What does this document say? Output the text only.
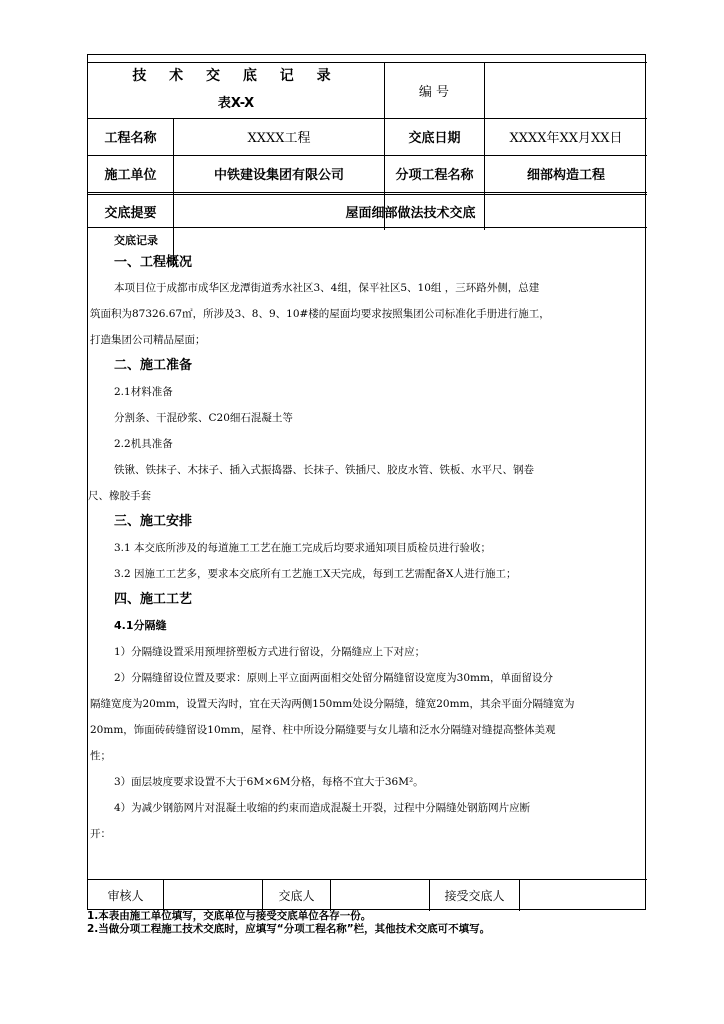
技 术 交 底 记 录
表X-X
编 号
工程名称	XXXX工程	交底日期	XXXX年XX月XX日
施工单位	中铁建设集团有限公司	分项工程名称	细部构造工程
交底提要	屋面细部做法技术交底
交底记录
一、工程概况
本项目位于成都市成华区龙潭街道秀水社区3、4组，保平社区5、10组 ，三环路外侧，总建
筑面积为87326.67㎡，所涉及3、8、9、10#楼的屋面均要求按照集团公司标准化手册进行施工，
打造集团公司精品屋面；
二、施工准备
2.1材料准备
分割条、干混砂浆、C20细石混凝土等
2.2机具准备
铁锹、铁抹子、木抹子、插入式振捣器、长抹子、铁插尺、胶皮水管、铁板、水平尺、钢卷
尺、橡胶手套
三、施工安排
3.1 本交底所涉及的每道施工工艺在施工完成后均要求通知项目质检员进行验收；
3.2 因施工工艺多，要求本交底所有工艺施工X天完成，每到工艺需配备X人进行施工；
四、施工工艺
4.1分隔缝
1）分隔缝设置采用预埋挤塑板方式进行留设，分隔缝应上下对应；
2）分隔缝留设位置及要求：原则上平立面两面相交处留分隔缝留设宽度为30mm，单面留设分
隔缝宽度为20mm，设置天沟时，宜在天沟两侧150mm处设分隔缝，缝宽20mm，其余平面分隔缝宽为
20mm，饰面砖砖缝留设10mm，屋脊、柱中所设分隔缝要与女儿墙和泛水分隔缝对缝提高整体美观
性；
3）面层坡度要求设置不大于6M×6M分格，每格不宜大于36M²。
4）为减少钢筋网片对混凝土收缩的约束而造成混凝土开裂，过程中分隔缝处钢筋网片应断
开：
审核人	交底人	接受交底人
1.本表由施工单位填写，交底单位与接受交底单位各存一份。
2.当做分项工程施工技术交底时，应填写“分项工程名称”栏，其他技术交底可不填写。
